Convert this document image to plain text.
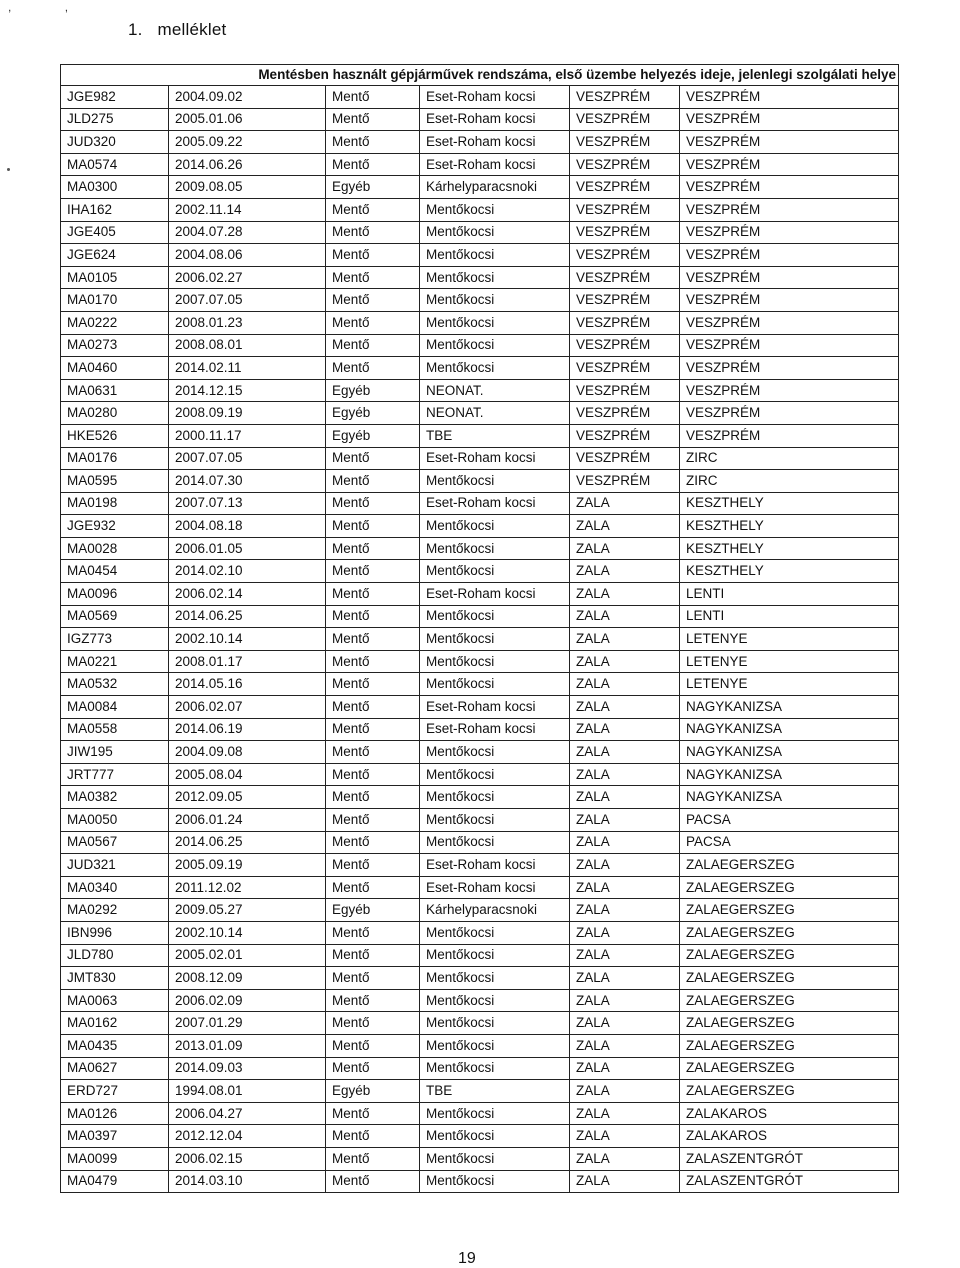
,	,
1. melléklet
Mentésben használt gépjárművek rendszáma, első üzembe helyezés ideje, jelenlegi szolgálati helye					
JGE982	2004.09.02	Mentő	Eset-Roham kocsi	VESZPRÉM	VESZPRÉM
JLD275	2005.01.06	Mentő	Eset-Roham kocsi	VESZPRÉM	VESZPRÉM
JUD320	2005.09.22	Mentő	Eset-Roham kocsi	VESZPRÉM	VESZPRÉM
MA0574	2014.06.26	Mentő	Eset-Roham kocsi	VESZPRÉM	VESZPRÉM
MA0300	2009.08.05	Egyéb	Kárhelyparacsnoki	VESZPRÉM	VESZPRÉM
IHA162	2002.11.14	Mentő	Mentőkocsi	VESZPRÉM	VESZPRÉM
JGE405	2004.07.28	Mentő	Mentőkocsi	VESZPRÉM	VESZPRÉM
JGE624	2004.08.06	Mentő	Mentőkocsi	VESZPRÉM	VESZPRÉM
MA0105	2006.02.27	Mentő	Mentőkocsi	VESZPRÉM	VESZPRÉM
MA0170	2007.07.05	Mentő	Mentőkocsi	VESZPRÉM	VESZPRÉM
MA0222	2008.01.23	Mentő	Mentőkocsi	VESZPRÉM	VESZPRÉM
MA0273	2008.08.01	Mentő	Mentőkocsi	VESZPRÉM	VESZPRÉM
MA0460	2014.02.11	Mentő	Mentőkocsi	VESZPRÉM	VESZPRÉM
MA0631	2014.12.15	Egyéb	NEONAT.	VESZPRÉM	VESZPRÉM
MA0280	2008.09.19	Egyéb	NEONAT.	VESZPRÉM	VESZPRÉM
HKE526	2000.11.17	Egyéb	TBE	VESZPRÉM	VESZPRÉM
MA0176	2007.07.05	Mentő	Eset-Roham kocsi	VESZPRÉM	ZIRC
MA0595	2014.07.30	Mentő	Mentőkocsi	VESZPRÉM	ZIRC
MA0198	2007.07.13	Mentő	Eset-Roham kocsi	ZALA	KESZTHELY
JGE932	2004.08.18	Mentő	Mentőkocsi	ZALA	KESZTHELY
MA0028	2006.01.05	Mentő	Mentőkocsi	ZALA	KESZTHELY
MA0454	2014.02.10	Mentő	Mentőkocsi	ZALA	KESZTHELY
MA0096	2006.02.14	Mentő	Eset-Roham kocsi	ZALA	LENTI
MA0569	2014.06.25	Mentő	Mentőkocsi	ZALA	LENTI
IGZ773	2002.10.14	Mentő	Mentőkocsi	ZALA	LETENYE
MA0221	2008.01.17	Mentő	Mentőkocsi	ZALA	LETENYE
MA0532	2014.05.16	Mentő	Mentőkocsi	ZALA	LETENYE
MA0084	2006.02.07	Mentő	Eset-Roham kocsi	ZALA	NAGYKANIZSA
MA0558	2014.06.19	Mentő	Eset-Roham kocsi	ZALA	NAGYKANIZSA
JIW195	2004.09.08	Mentő	Mentőkocsi	ZALA	NAGYKANIZSA
JRT777	2005.08.04	Mentő	Mentőkocsi	ZALA	NAGYKANIZSA
MA0382	2012.09.05	Mentő	Mentőkocsi	ZALA	NAGYKANIZSA
MA0050	2006.01.24	Mentő	Mentőkocsi	ZALA	PACSA
MA0567	2014.06.25	Mentő	Mentőkocsi	ZALA	PACSA
JUD321	2005.09.19	Mentő	Eset-Roham kocsi	ZALA	ZALAEGERSZEG
MA0340	2011.12.02	Mentő	Eset-Roham kocsi	ZALA	ZALAEGERSZEG
MA0292	2009.05.27	Egyéb	Kárhelyparacsnoki	ZALA	ZALAEGERSZEG
IBN996	2002.10.14	Mentő	Mentőkocsi	ZALA	ZALAEGERSZEG
JLD780	2005.02.01	Mentő	Mentőkocsi	ZALA	ZALAEGERSZEG
JMT830	2008.12.09	Mentő	Mentőkocsi	ZALA	ZALAEGERSZEG
MA0063	2006.02.09	Mentő	Mentőkocsi	ZALA	ZALAEGERSZEG
MA0162	2007.01.29	Mentő	Mentőkocsi	ZALA	ZALAEGERSZEG
MA0435	2013.01.09	Mentő	Mentőkocsi	ZALA	ZALAEGERSZEG
MA0627	2014.09.03	Mentő	Mentőkocsi	ZALA	ZALAEGERSZEG
ERD727	1994.08.01	Egyéb	TBE	ZALA	ZALAEGERSZEG
MA0126	2006.04.27	Mentő	Mentőkocsi	ZALA	ZALAKAROS
MA0397	2012.12.04	Mentő	Mentőkocsi	ZALA	ZALAKAROS
MA0099	2006.02.15	Mentő	Mentőkocsi	ZALA	ZALASZENTGRÓT
MA0479	2014.03.10	Mentő	Mentőkocsi	ZALA	ZALASZENTGRÓT
19
